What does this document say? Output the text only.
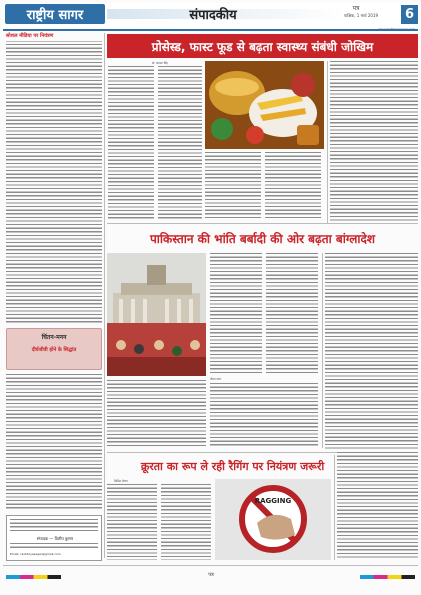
राष्ट्रीय सागर	संपादकीय	पत्र
पाक्षिक, 1 मार्च 2019	6
सोशल मीडिया पर नियंत्रण
चिंतन-मनन
दीर्घजीवी होने के सिद्धांत
संपादक — दिलीप कुमार
Email: rashtriyasagar@gmail.com
प्रोसेस्ड, फास्ट फूड से बढ़ता स्वास्थ्य संबंधी जोखिम
डॉ. कामना सिंह
पाकिस्तान की भांति बर्बादी की ओर बढ़ता बांग्लादेश
गौतम लाल
क्रूरता का रूप ले रही रैगिंग पर नियंत्रण जरूरी
शिक्षित नीलम
RAGGING
पत्र
